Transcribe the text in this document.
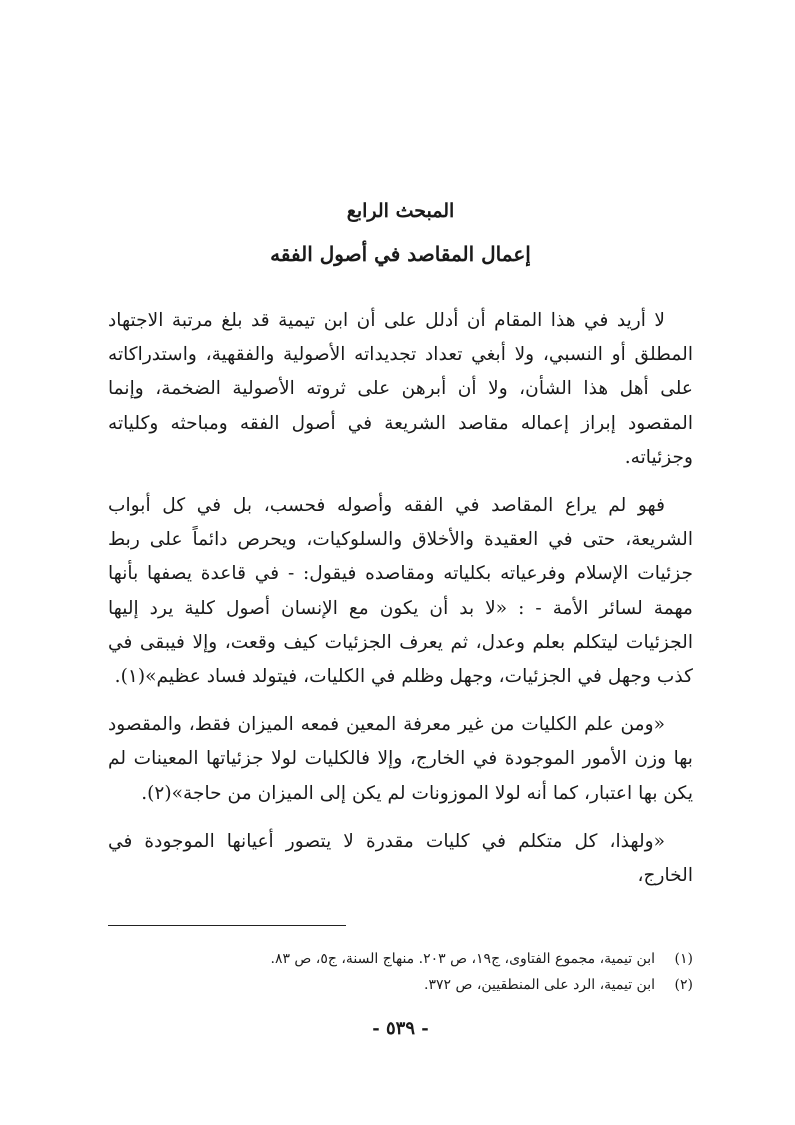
المبحث الرابع
إعمال المقاصد في أصول الفقه

لا أريد في هذا المقام أن أدلل على أن ابن تيمية قد بلغ مرتبة الاجتهاد المطلق أو النسبي، ولا أبغي تعداد تجديداته الأصولية والفقهية، واستدراكاته على أهل هذا الشأن، ولا أن أبرهن على ثروته الأصولية الضخمة، وإنما المقصود إبراز إعماله مقاصد الشريعة في أصول الفقه ومباحثه وكلياته وجزئياته.

فهو لم يراع المقاصد في الفقه وأصوله فحسب، بل في كل أبواب الشريعة، حتى في العقيدة والأخلاق والسلوكيات، ويحرص دائماً على ربط جزئيات الإسلام وفرعياته بكلياته ومقاصده فيقول: - في قاعدة يصفها بأنها مهمة لسائر الأمة - : «لا بد أن يكون مع الإنسان أصول كلية يرد إليها الجزئيات ليتكلم بعلم وعدل، ثم يعرف الجزئيات كيف وقعت، وإلا فيبقى في كذب وجهل في الجزئيات، وجهل وظلم في الكليات، فيتولد فساد عظيم»(١).

«ومن علم الكليات من غير معرفة المعين فمعه الميزان فقط، والمقصود بها وزن الأمور الموجودة في الخارج، وإلا فالكليات لولا جزئياتها المعينات لم يكن بها اعتبار، كما أنه لولا الموزونات لم يكن إلى الميزان من حاجة»(٢).

«ولهذا، كل متكلم في كليات مقدرة لا يتصور أعيانها الموجودة في الخارج،

(١)ابن تيمية، مجموع الفتاوى، ج١٩، ص ٢٠٣. منهاج السنة، ج٥، ص ٨٣.
(٢)ابن تيمية، الرد على المنطقيين، ص ٣٧٢.
- ٥٣٩ -
